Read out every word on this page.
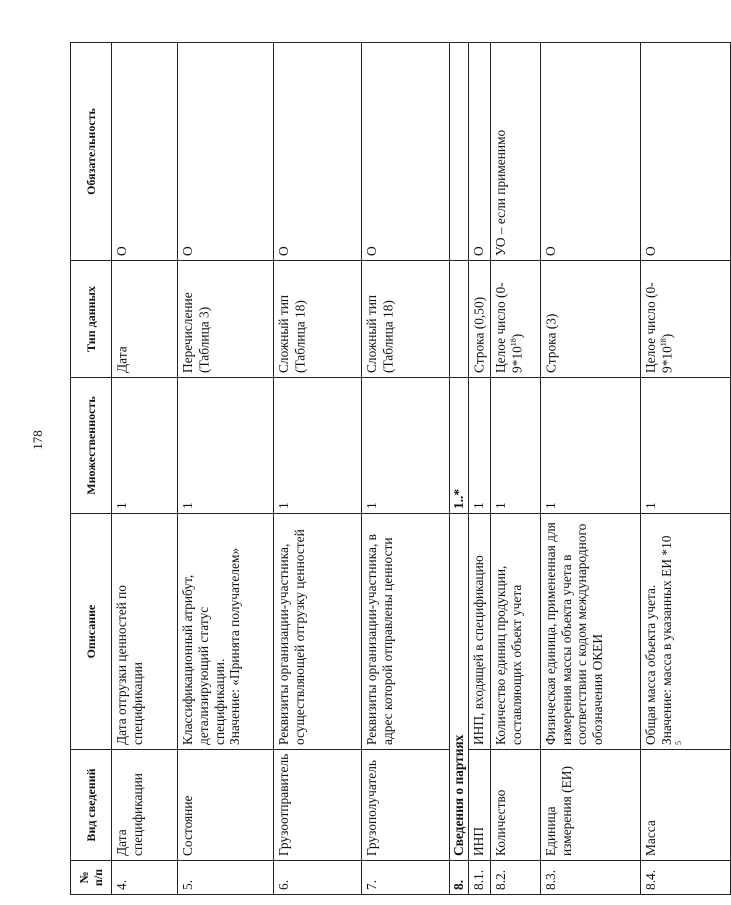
178
№ п/п	Вид сведений	Описание	Множественность	Тип данных	Обязательность
4.	Дата спецификации	Дата отгрузки ценностей по спецификации	1	Дата	О
5.	Состояние	Классификационный атрибут, детализирующий статус спецификации. Значение: «Принята получателем»	1	Перечисление (Таблица 3)	О
6.	Грузоотправитель	Реквизиты организации-участника, осуществляющей отгрузку ценностей	1	Сложный тип (Таблица 18)	О
7.	Грузополучатель	Реквизиты организации-участника, в адрес которой отправлены ценности	1	Сложный тип (Таблица 18)	О
8.	Сведения о партиях		1..*		
8.1.	ИНП	ИНП, входящей в спецификацию	1	Строка (0,50)	О
8.2.	Количество	Количество единиц продукции, составляющих объект учета	1	Целое число $(0-9*10^{18})$	УО – если применимо
8.3.	Единица измерения (ЕИ)	Физическая единица, примененная для измерения массы объекта учета в соответствии с кодом международного обозначения ОКЕИ	1	Строка (3)	О
8.4.	Масса	Общая масса объекта учета. Значение: масса в указанных ЕИ *10 $^5$	1	Целое число $(0-9*10^{18})$	О
